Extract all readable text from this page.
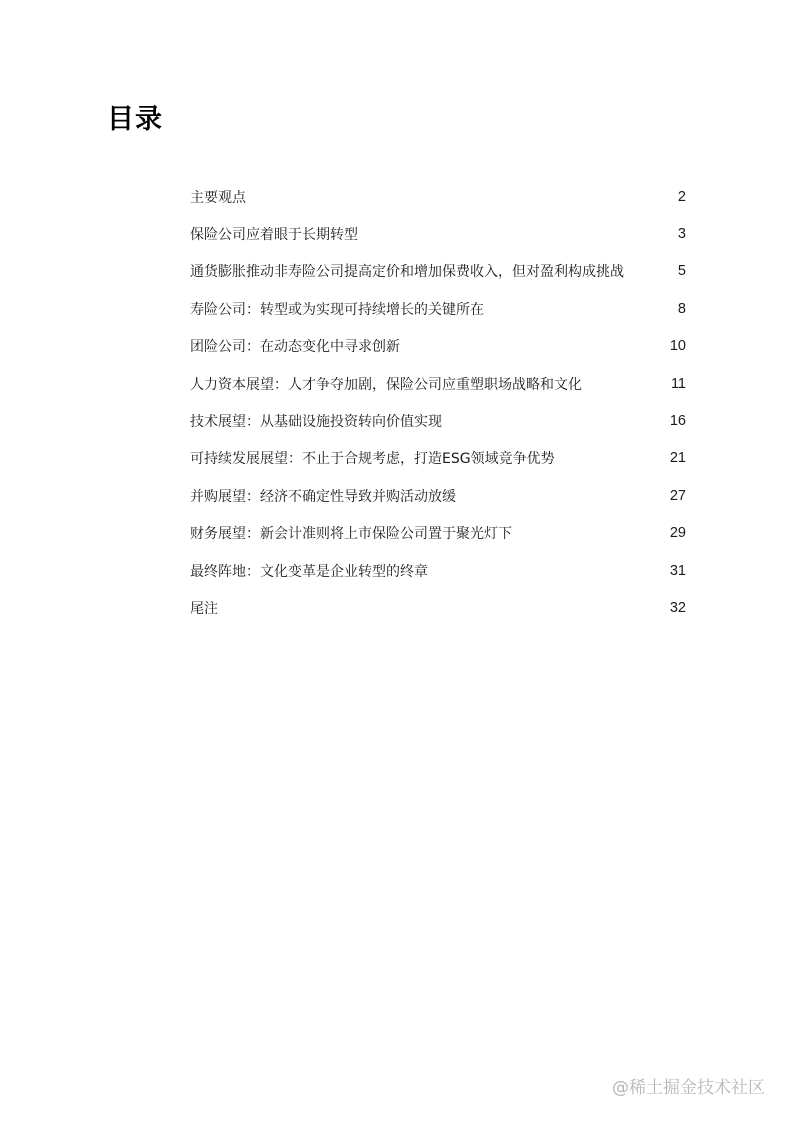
目录
主要观点	2
保险公司应着眼于长期转型	3
通货膨胀推动非寿险公司提高定价和增加保费收入，但对盈利构成挑战	5
寿险公司：转型或为实现可持续增长的关键所在	8
团险公司：在动态变化中寻求创新	10
人力资本展望：人才争夺加剧，保险公司应重塑职场战略和文化	11
技术展望：从基础设施投资转向价值实现	16
可持续发展展望：不止于合规考虑，打造ESG领域竞争优势	21
并购展望：经济不确定性导致并购活动放缓	27
财务展望：新会计准则将上市保险公司置于聚光灯下	29
最终阵地：文化变革是企业转型的终章	31
尾注	32
@稀土掘金技术社区
